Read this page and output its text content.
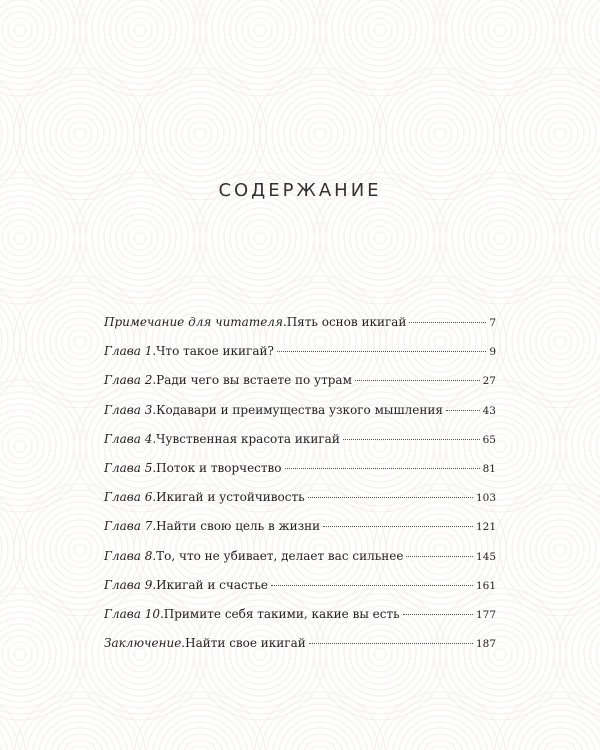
СОДЕРЖАНИЕ
Примечание для читателя. Пять основ икигай	7
Глава 1. Что такое икигай?	9
Глава 2. Ради чего вы встаете по утрам	27
Глава 3. Кодавари и преимущества узкого мышления	43
Глава 4. Чувственная красота икигай	65
Глава 5. Поток и творчество	81
Глава 6. Икигай и устойчивость	103
Глава 7. Найти свою цель в жизни	121
Глава 8. То, что не убивает, делает вас сильнее	145
Глава 9. Икигай и счастье	161
Глава 10. Примите себя такими, какие вы есть	177
Заключение. Найти свое икигай	187
